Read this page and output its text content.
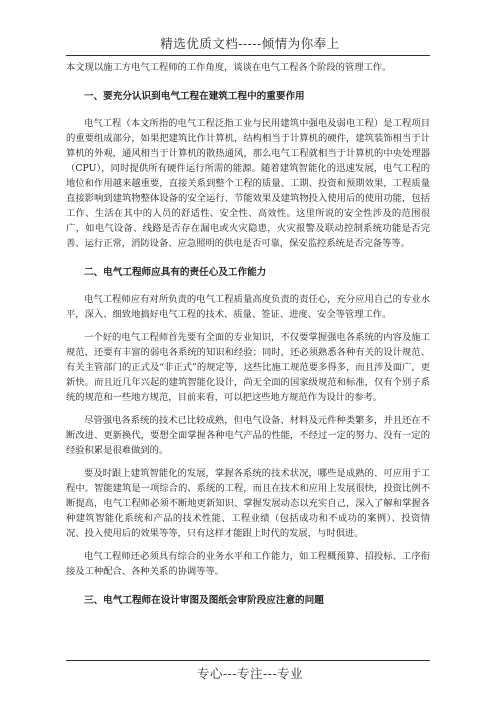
精选优质文档-----倾情为你奉上

本文现以施工方电气工程师的工作角度，谈谈在电气工程各个阶段的管理工作。

一、要充分认识到电气工程在建筑工程中的重要作用

电气工程（本文所指的电气工程泛指工业与民用建筑中强电及弱电工程）是工程项目的重要组成部分，如果把建筑比作计算机，结构相当于计算机的硬件，建筑装饰相当于计算机的外观，通风相当于计算机的散热通风，那么电气工程就相当于计算机的中央处理器（CPU），同时提供所有硬件运行所需的能源。随着建筑智能化的迅速发展，电气工程的地位和作用越来越重要，直接关系到整个工程的质量、工期、投资和预期效果，工程质量直接影响到建筑物整体设备的安全运行、节能效果及建筑物投入使用后的使用功能，包括工作、生活在其中的人员的舒适性、安全性、高效性。这里所说的安全性涉及的范围很广，如电气设备、线路是否存在漏电或火灾隐患，火灾报警及联动控制系统功能是否完善、运行正常，消防设备、应急照明的供电是否可靠，保安监控系统是否完备等等。

二、电气工程师应具有的责任心及工作能力

电气工程师应有对所负责的电气工程质量高度负责的责任心，充分应用自己的专业水平，深入、细致地搞好电气工程的技术、质量、签证、进度、安全等管理工作。

一个好的电气工程师首先要有全面的专业知识，不仅要掌握强电各系统的内容及施工规范，还要有丰富的弱电各系统的知识和经验；同时，还必须熟悉各种有关的设计规范、有关主管部门的正式及“非正式”的规定等，这些比施工规范要多得多，而且涉及面广，更新快。而且近几年兴起的建筑智能化设计，尚无全面的国家级规范和标准，仅有个别子系统的规范和一些地方规范，目前来看，可以把这些地方规范作为设计的参考。

尽管强电各系统的技术已比较成熟，但电气设备、材料及元件种类繁多，并且还在不断改进、更新换代，要想全面掌握各种电气产品的性能，不经过一定的努力、没有一定的经验积累是很难做到的。

要及时跟上建筑智能化的发展，掌握各系统的技术状况，哪些是成熟的、可应用于工程中。智能建筑是一项综合的、系统的工程，而且在技术和应用上发展很快，投资比例不断提高，电气工程师必须不断地更新知识、掌握发展动态以充实自己，深入了解和掌握各种建筑智能化系统和产品的技术性能、工程业绩（包括成功和不成功的案例）、投资情况、投入使用后的效果等等，只有这样才能跟上时代的发展，与时俱进。

电气工程师还必须具有综合的业务水平和工作能力，如工程概预算、招投标、工序衔接及工种配合、各种关系的协调等等。

三、电气工程师在设计审图及图纸会审阶段应注意的问题
专心---专注---专业
